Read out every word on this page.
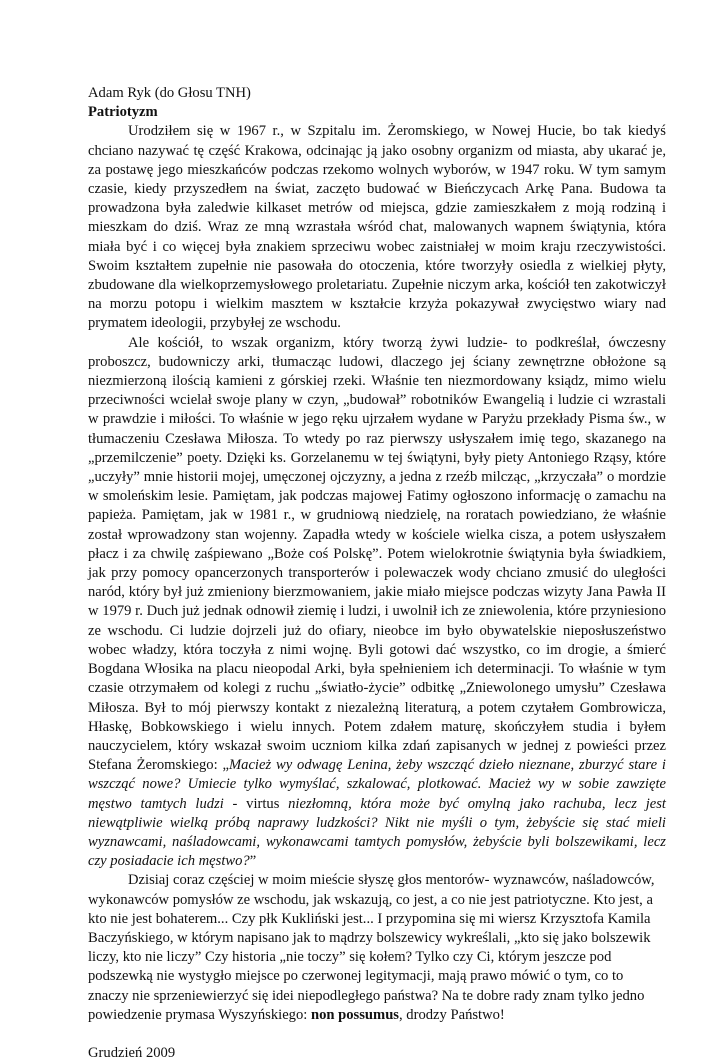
Adam Ryk (do Głosu TNH)
Patriotyzm

Urodziłem się w 1967 r., w Szpitalu im. Żeromskiego, w Nowej Hucie, bo tak kiedyś chciano nazywać tę część Krakowa, odcinając ją jako osobny organizm od miasta, aby ukarać je, za postawę jego mieszkańców podczas rzekomo wolnych wyborów, w 1947 roku. W tym samym czasie, kiedy przyszedłem na świat, zaczęto budować w Bieńczycach Arkę Pana. Budowa ta prowadzona była zaledwie kilkaset metrów od miejsca, gdzie zamieszkałem z moją rodziną i mieszkam do dziś. Wraz ze mną wzrastała wśród chat, malowanych wapnem świątynia, która miała być i co więcej była znakiem sprzeciwu wobec zaistniałej w moim kraju rzeczywistości. Swoim kształtem zupełnie nie pasowała do otoczenia, które tworzyły osiedla z wielkiej płyty, zbudowane dla wielkoprzemysłowego proletariatu. Zupełnie niczym arka, kościół ten zakotwiczył na morzu potopu i wielkim masztem w kształcie krzyża pokazywał zwycięstwo wiary nad prymatem ideologii, przybyłej ze wschodu.

Ale kościół, to wszak organizm, który tworzą żywi ludzie- to podkreślał, ówczesny proboszcz, budowniczy arki, tłumacząc ludowi, dlaczego jej ściany zewnętrzne obłożone są niezmierzoną ilością kamieni z górskiej rzeki. Właśnie ten niezmordowany ksiądz, mimo wielu przeciwności wcielał swoje plany w czyn, „budował” robotników Ewangelią i ludzie ci wzrastali w prawdzie i miłości. To właśnie w jego ręku ujrzałem wydane w Paryżu przekłady Pisma św., w tłumaczeniu Czesława Miłosza. To wtedy po raz pierwszy usłyszałem imię tego, skazanego na „przemilczenie” poety. Dzięki ks. Gorzelanemu w tej świątyni, były piety Antoniego Rząsy, które „uczyły” mnie historii mojej, umęczonej ojczyzny, a jedna z rzeźb milcząc, „krzyczała” o mordzie w smoleńskim lesie. Pamiętam, jak podczas majowej Fatimy ogłoszono informację o zamachu na papieża. Pamiętam, jak w 1981 r., w grudniową niedzielę, na roratach powiedziano, że właśnie został wprowadzony stan wojenny. Zapadła wtedy w kościele wielka cisza, a potem usłyszałem płacz i za chwilę zaśpiewano „Boże coś Polskę”. Potem wielokrotnie świątynia była świadkiem, jak przy pomocy opancerzonych transporterów i polewaczek wody chciano zmusić do uległości naród, który był już zmieniony bierzmowaniem, jakie miało miejsce podczas wizyty Jana Pawła II w 1979 r. Duch już jednak odnowił ziemię i ludzi, i uwolnił ich ze zniewolenia, które przyniesiono ze wschodu. Ci ludzie dojrzeli już do ofiary, nieobce im było obywatelskie nieposłuszeństwo wobec władzy, która toczyła z nimi wojnę. Byli gotowi dać wszystko, co im drogie, a śmierć Bogdana Włosika na placu nieopodal Arki, była spełnieniem ich determinacji. To właśnie w tym czasie otrzymałem od kolegi z ruchu „światło-życie” odbitkę „Zniewolonego umysłu” Czesława Miłosza. Był to mój pierwszy kontakt z niezależną literaturą, a potem czytałem Gombrowicza, Hłaskę, Bobkowskiego i wielu innych. Potem zdałem maturę, skończyłem studia i byłem nauczycielem, który wskazał swoim uczniom kilka zdań zapisanych w jednej z powieści przez Stefana Żeromskiego: „Macież wy odwagę Lenina, żeby wszcząć dzieło nieznane, zburzyć stare i wszcząć nowe? Umiecie tylko wymyślać, szkalować, plotkować. Macież wy w sobie zawzięte męstwo tamtych ludzi - virtus niezłomną, która może być omylną jako rachuba, lecz jest niewątpliwie wielką próbą naprawy ludzkości? Nikt nie myśli o tym, żebyście się stać mieli wyznawcami, naśladowcami, wykonawcami tamtych pomysłów, żebyście byli bolszewikami, lecz czy posiadacie ich męstwo?”

Dzisiaj coraz częściej w moim mieście słyszę głos mentorów- wyznawców, naśladowców, wykonawców pomysłów ze wschodu, jak wskazują, co jest, a co nie jest patriotyczne. Kto jest, a kto nie jest bohaterem... Czy płk Kukliński jest... I przypomina się mi wiersz Krzysztofa Kamila Baczyńskiego, w którym napisano jak to mądrzy bolszewicy wykreślali, „kto się jako bolszewik liczy, kto nie liczy” Czy historia „nie toczy” się kołem? Tylko czy Ci, którym jeszcze pod podszewką nie wystygło miejsce po czerwonej legitymacji, mają prawo mówić o tym, co to znaczy nie sprzeniewierzyć się idei niepodległego państwa? Na te dobre rady znam tylko jedno powiedzenie prymasa Wyszyńskiego: non possumus, drodzy Państwo!

Grudzień 2009
